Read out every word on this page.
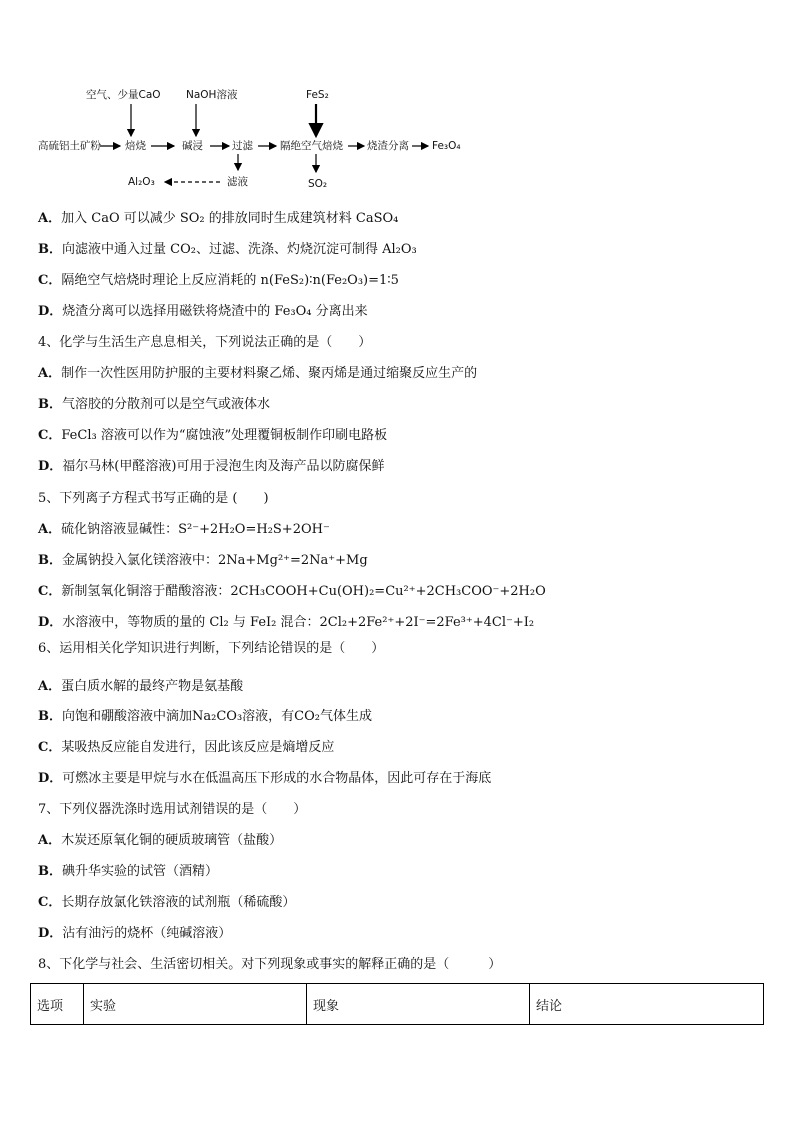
空气、少量CaO NaOH溶液	FeS₂
高硫铝土矿粉 焙烧	碱浸	过滤	隔绝空气焙烧 烧渣分离 Fe₃O₄
滤液
Al₂O₃	SO₂
A．加入 CaO 可以减少 SO₂ 的排放同时生成建筑材料 CaSO₄
B．向滤液中通入过量 CO₂、过滤、洗涤、灼烧沉淀可制得 Al₂O₃
C．隔绝空气焙烧时理论上反应消耗的 n(FeS₂)∶n(Fe₂O₃)=1∶5
D．烧渣分离可以选择用磁铁将烧渣中的 Fe₃O₄ 分离出来
4、化学与生活生产息息相关，下列说法正确的是（　　）
A．制作一次性医用防护服的主要材料聚乙烯、聚丙烯是通过缩聚反应生产的
B．气溶胶的分散剂可以是空气或液体水
C．FeCl₃ 溶液可以作为“腐蚀液”处理覆铜板制作印刷电路板
D．福尔马林(甲醛溶液)可用于浸泡生肉及海产品以防腐保鲜
5、下列离子方程式书写正确的是 (　　)
A．硫化钠溶液显碱性：S²⁻+2H₂O=H₂S+2OH⁻
B．金属钠投入氯化镁溶液中：2Na+Mg²⁺=2Na⁺+Mg
C．新制氢氧化铜溶于醋酸溶液：2CH₃COOH+Cu(OH)₂=Cu²⁺+2CH₃COO⁻+2H₂O
D．水溶液中，等物质的量的 Cl₂ 与 FeI₂ 混合：2Cl₂+2Fe²⁺+2I⁻=2Fe³⁺+4Cl⁻+I₂
6、运用相关化学知识进行判断，下列结论错误的是（　　）
A．蛋白质水解的最终产物是氨基酸
B．向饱和硼酸溶液中滴加Na₂CO₃溶液，有CO₂气体生成
C．某吸热反应能自发进行，因此该反应是熵增反应
D．可燃冰主要是甲烷与水在低温高压下形成的水合物晶体，因此可存在于海底
7、下列仪器洗涤时选用试剂错误的是（　　）
A．木炭还原氧化铜的硬质玻璃管（盐酸）
B．碘升华实验的试管（酒精）
C．长期存放氯化铁溶液的试剂瓶（稀硫酸）
D．沾有油污的烧杯（纯碱溶液）
8、下化学与社会、生活密切相关。对下列现象或事实的解释正确的是（　　　）
选项	实验	现象	结论
